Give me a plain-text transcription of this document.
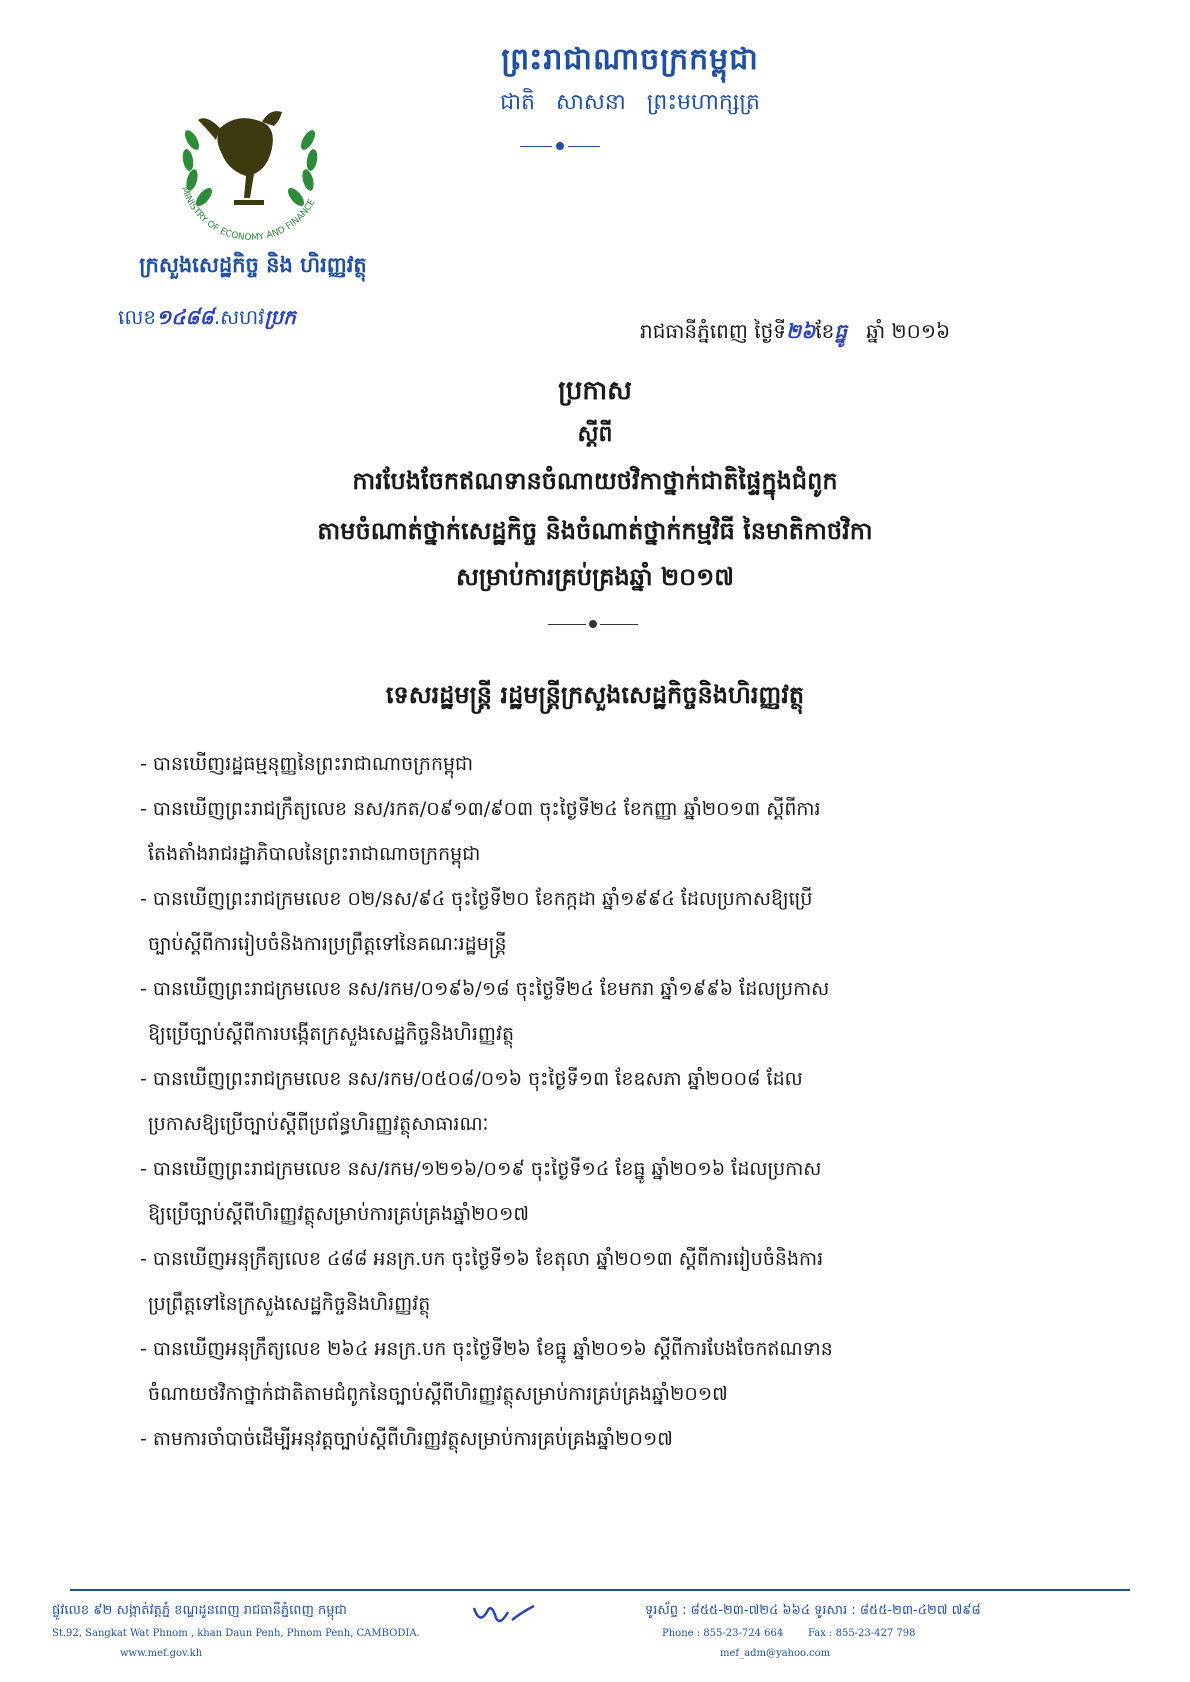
ព្រះរាជាណាចក្រកម្ពុជា
ជាតិ សាសនា ព្រះមហាក្សត្រ
MINISTRY OF ECONOMY AND FINANCE
ក្រសួងសេដ្ឋកិច្ច និង ហិរញ្ញវត្ថុ
លេខ១៤៨៨.សហវប្រក
រាជធានីភ្នំពេញ ថ្ងៃទី២៦ខែធ្នូ ឆ្នាំ ២០១៦
ប្រកាស
ស្តីពី
ការបែងចែកឥណទានចំណាយថវិកាថ្នាក់ជាតិផ្ទៃក្នុងជំពូក
តាមចំណាត់ថ្នាក់សេដ្ឋកិច្ច និងចំណាត់ថ្នាក់កម្មវិធី នៃមាតិកាថវិកា
សម្រាប់ការគ្រប់គ្រងឆ្នាំ ២០១៧
ទេសរដ្ឋមន្ត្រី រដ្ឋមន្ត្រីក្រសួងសេដ្ឋកិច្ចនិងហិរញ្ញវត្ថុ
- បានឃើញរដ្ឋធម្មនុញ្ញនៃព្រះរាជាណាចក្រកម្ពុជា
- បានឃើញព្រះរាជក្រឹត្យលេខ នស/រកត/០៩១៣/៩០៣ ចុះថ្ងៃទី២៤ ខែកញ្ញា ឆ្នាំ២០១៣ ស្តីពីការ
តែងតាំងរាជរដ្ឋាភិបាលនៃព្រះរាជាណាចក្រកម្ពុជា
- បានឃើញព្រះរាជក្រមលេខ ០២/នស/៩៤ ចុះថ្ងៃទី២០ ខែកក្កដា ឆ្នាំ១៩៩៤ ដែលប្រកាសឱ្យប្រើ
ច្បាប់ស្តីពីការរៀបចំនិងការប្រព្រឹត្តទៅនៃគណៈរដ្ឋមន្ត្រី
- បានឃើញព្រះរាជក្រមលេខ នស/រកម/០១៩៦/១៨ ចុះថ្ងៃទី២៤ ខែមករា ឆ្នាំ១៩៩៦ ដែលប្រកាស
ឱ្យប្រើច្បាប់ស្តីពីការបង្កើតក្រសួងសេដ្ឋកិច្ចនិងហិរញ្ញវត្ថុ
- បានឃើញព្រះរាជក្រមលេខ នស/រកម/០៥០៨/០១៦ ចុះថ្ងៃទី១៣ ខែឧសភា ឆ្នាំ២០០៨ ដែល
ប្រកាសឱ្យប្រើច្បាប់ស្តីពីប្រព័ន្ធហិរញ្ញវត្ថុសាធារណៈ
- បានឃើញព្រះរាជក្រមលេខ នស/រកម/១២១៦/០១៩ ចុះថ្ងៃទី១៤ ខែធ្នូ ឆ្នាំ២០១៦ ដែលប្រកាស
ឱ្យប្រើច្បាប់ស្តីពីហិរញ្ញវត្ថុសម្រាប់ការគ្រប់គ្រងឆ្នាំ២០១៧
- បានឃើញអនុក្រឹត្យលេខ ៤៨៨ អនក្រ.បក ចុះថ្ងៃទី១៦ ខែតុលា ឆ្នាំ២០១៣ ស្តីពីការរៀបចំនិងការ
ប្រព្រឹត្តទៅនៃក្រសួងសេដ្ឋកិច្ចនិងហិរញ្ញវត្ថុ
- បានឃើញអនុក្រឹត្យលេខ ២៦៤ អនក្រ.បក ចុះថ្ងៃទី២៦ ខែធ្នូ ឆ្នាំ២០១៦ ស្តីពីការបែងចែកឥណទាន
ចំណាយថវិកាថ្នាក់ជាតិតាមជំពូកនៃច្បាប់ស្តីពីហិរញ្ញវត្ថុសម្រាប់ការគ្រប់គ្រងឆ្នាំ២០១៧
- តាមការចាំបាច់ដើម្បីអនុវត្តច្បាប់ស្តីពីហិរញ្ញវត្ថុសម្រាប់ការគ្រប់គ្រងឆ្នាំ២០១៧
ផ្លូវលេខ ៩២ សង្កាត់វត្តភ្នំ ខណ្ឌដូនពេញ រាជធានីភ្នំពេញ កម្ពុជា
St.92, Sangkat Wat Phnom , khan Daun Penh, Phnom Penh, CAMBODIA.
www.mef.gov.kh
ទូរស័ព្ទ : ៨៥៥-២៣-៧២៤ ៦៦៤ ទូរសារ : ៨៥៥-២៣-៤២៧ ៧៩៨
Phone : 855-23-724 664 Fax : 855-23-427 798
mef_adm@yahoo.com
